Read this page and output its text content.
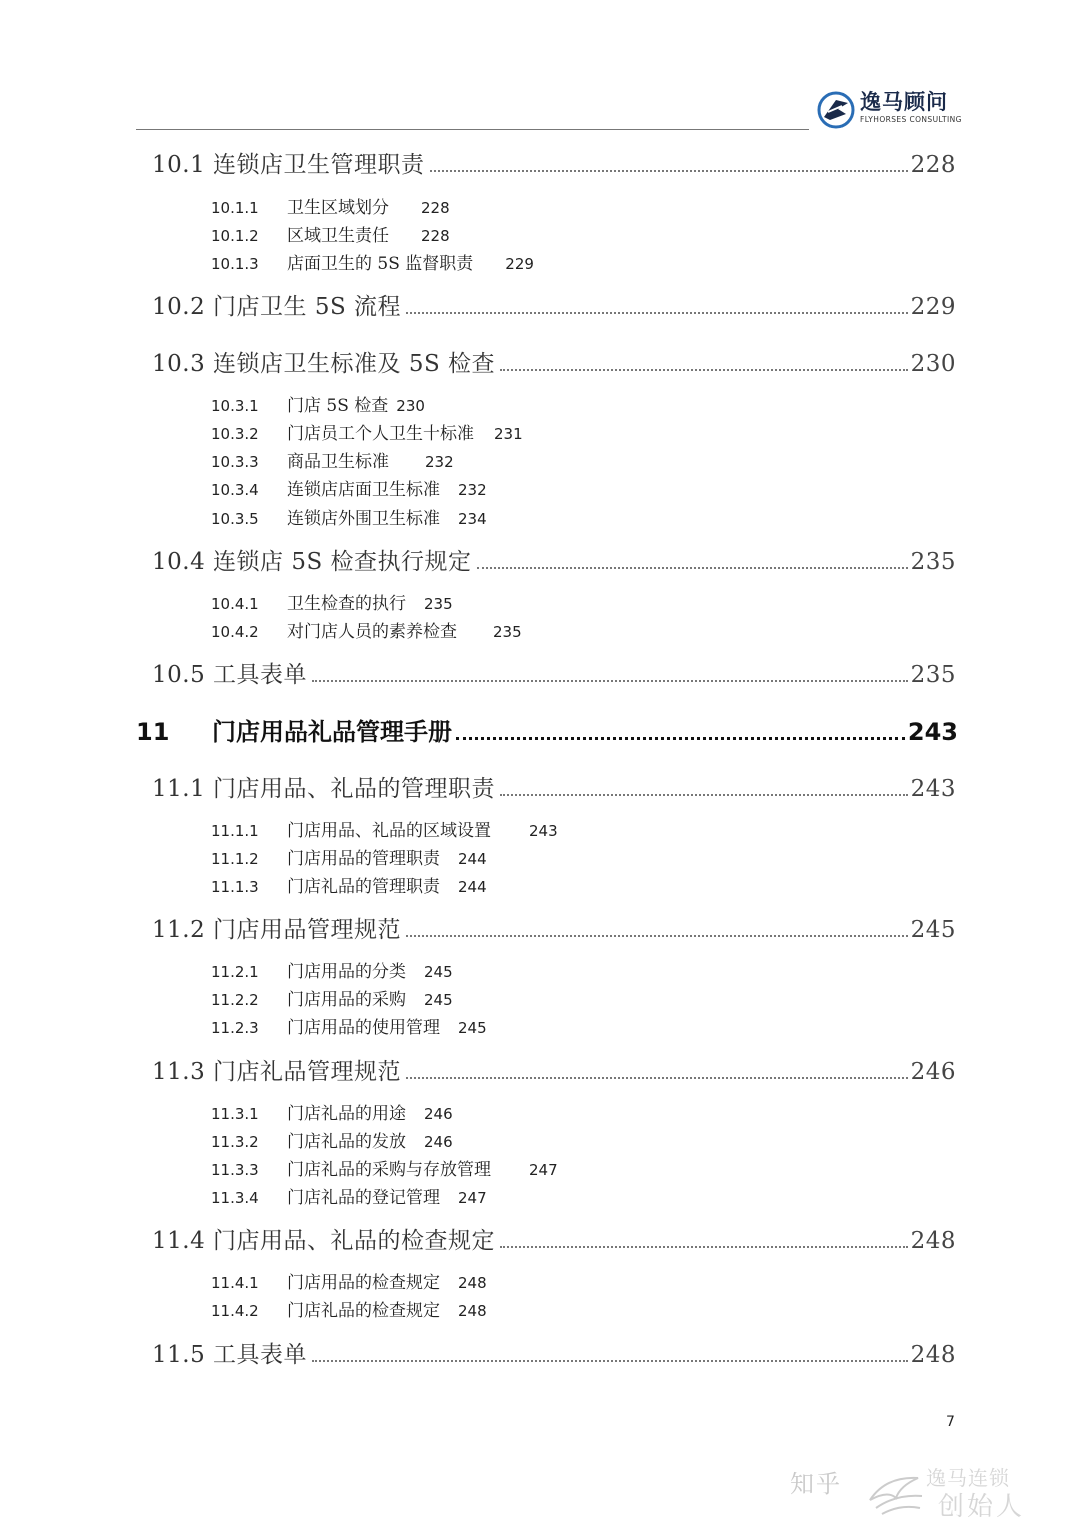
逸马顾问
FLYHORSES CONSULTING
10.1 连锁店卫生管理职责	228
10.1.1 卫生区域划分 228
10.1.2 区域卫生责任 228
10.1.3 店面卫生的 5S 监督职责 229
10.2 门店卫生 5S 流程	229
10.3 连锁店卫生标准及 5S 检查	230
10.3.1 门店 5S 检查 230
10.3.2 门店员工个人卫生十标准 231
10.3.3 商品卫生标准 232
10.3.4 连锁店店面卫生标准 232
10.3.5 连锁店外围卫生标准 234
10.4 连锁店 5S 检查执行规定	235
10.4.1 卫生检查的执行 235
10.4.2 对门店人员的素养检查 235
10.5 工具表单	235
11	门店用品礼品管理手册	243
11.1 门店用品、礼品的管理职责	243
11.1.1 门店用品、礼品的区域设置	243
11.1.2 门店用品的管理职责 244
11.1.3 门店礼品的管理职责 244
11.2 门店用品管理规范	245
11.2.1 门店用品的分类 245
11.2.2 门店用品的采购 245
11.2.3 门店用品的使用管理 245
11.3 门店礼品管理规范	246
11.3.1 门店礼品的用途 246
11.3.2 门店礼品的发放 246
11.3.3 门店礼品的采购与存放管理	247
11.3.4 门店礼品的登记管理 247
11.4 门店用品、礼品的检查规定	248
11.4.1 门店用品的检查规定 248
11.4.2 门店礼品的检查规定 248
11.5 工具表单	248
7
知乎	逸马连锁
创始人
